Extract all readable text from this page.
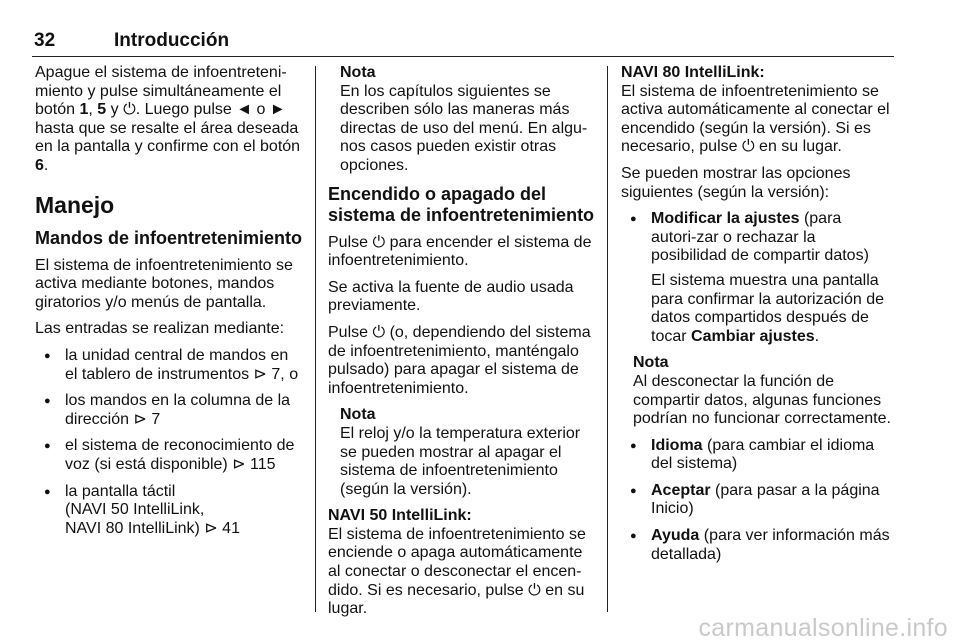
32	Introducción

Apague el sistema de infoentreteni-miento y pulse simultáneamente el botón 1, 5 y ⏻. Luego pulse ◄ o ► hasta que se resalte el área deseada en la pantalla y confirme con el botón 6.

Manejo
Mandos de infoentretenimiento

El sistema de infoentretenimiento se activa mediante botones, mandos giratorios y/o menús de pantalla.

Las entradas se realizan mediante:

● la unidad central de mandos en el tablero de instrumentos ⊳ 7, o
● los mandos en la columna de la dirección ⊳ 7
● el sistema de reconocimiento de voz (si está disponible) ⊳ 115
● la pantalla táctil
(NAVI 50 IntelliLink,
NAVI 80 IntelliLink) ⊳ 41
Nota
En los capítulos siguientes se describen sólo las maneras más directas de uso del menú. En algu-nos casos pueden existir otras opciones.
Encendido o apagado del sistema de infoentretenimiento

Pulse ⏻ para encender el sistema de infoentretenimiento.

Se activa la fuente de audio usada previamente.

Pulse ⏻ (o, dependiendo del sistema de infoentretenimiento, manténgalo pulsado) para apagar el sistema de infoentretenimiento.

Nota
El reloj y/o la temperatura exterior se pueden mostrar al apagar el sistema de infoentretenimiento (según la versión).

NAVI 50 IntelliLink:
El sistema de infoentretenimiento se enciende o apaga automáticamente al conectar o desconectar el encen-dido. Si es necesario, pulse ⏻ en su lugar.

NAVI 80 IntelliLink:
El sistema de infoentretenimiento se activa automáticamente al conectar el encendido (según la versión). Si es necesario, pulse ⏻ en su lugar.

Se pueden mostrar las opciones siguientes (según la versión):

● Modificar la ajustes (para autori-zar o rechazar la posibilidad de compartir datos)
El sistema muestra una pantalla para confirmar la autorización de datos compartidos después de tocar Cambiar ajustes.
Nota
Al desconectar la función de compartir datos, algunas funciones podrían no funcionar correctamente.
● Idioma (para cambiar el idioma del sistema)
● Aceptar (para pasar a la página Inicio)
● Ayuda (para ver información más detallada)
carmanualsonline.info
